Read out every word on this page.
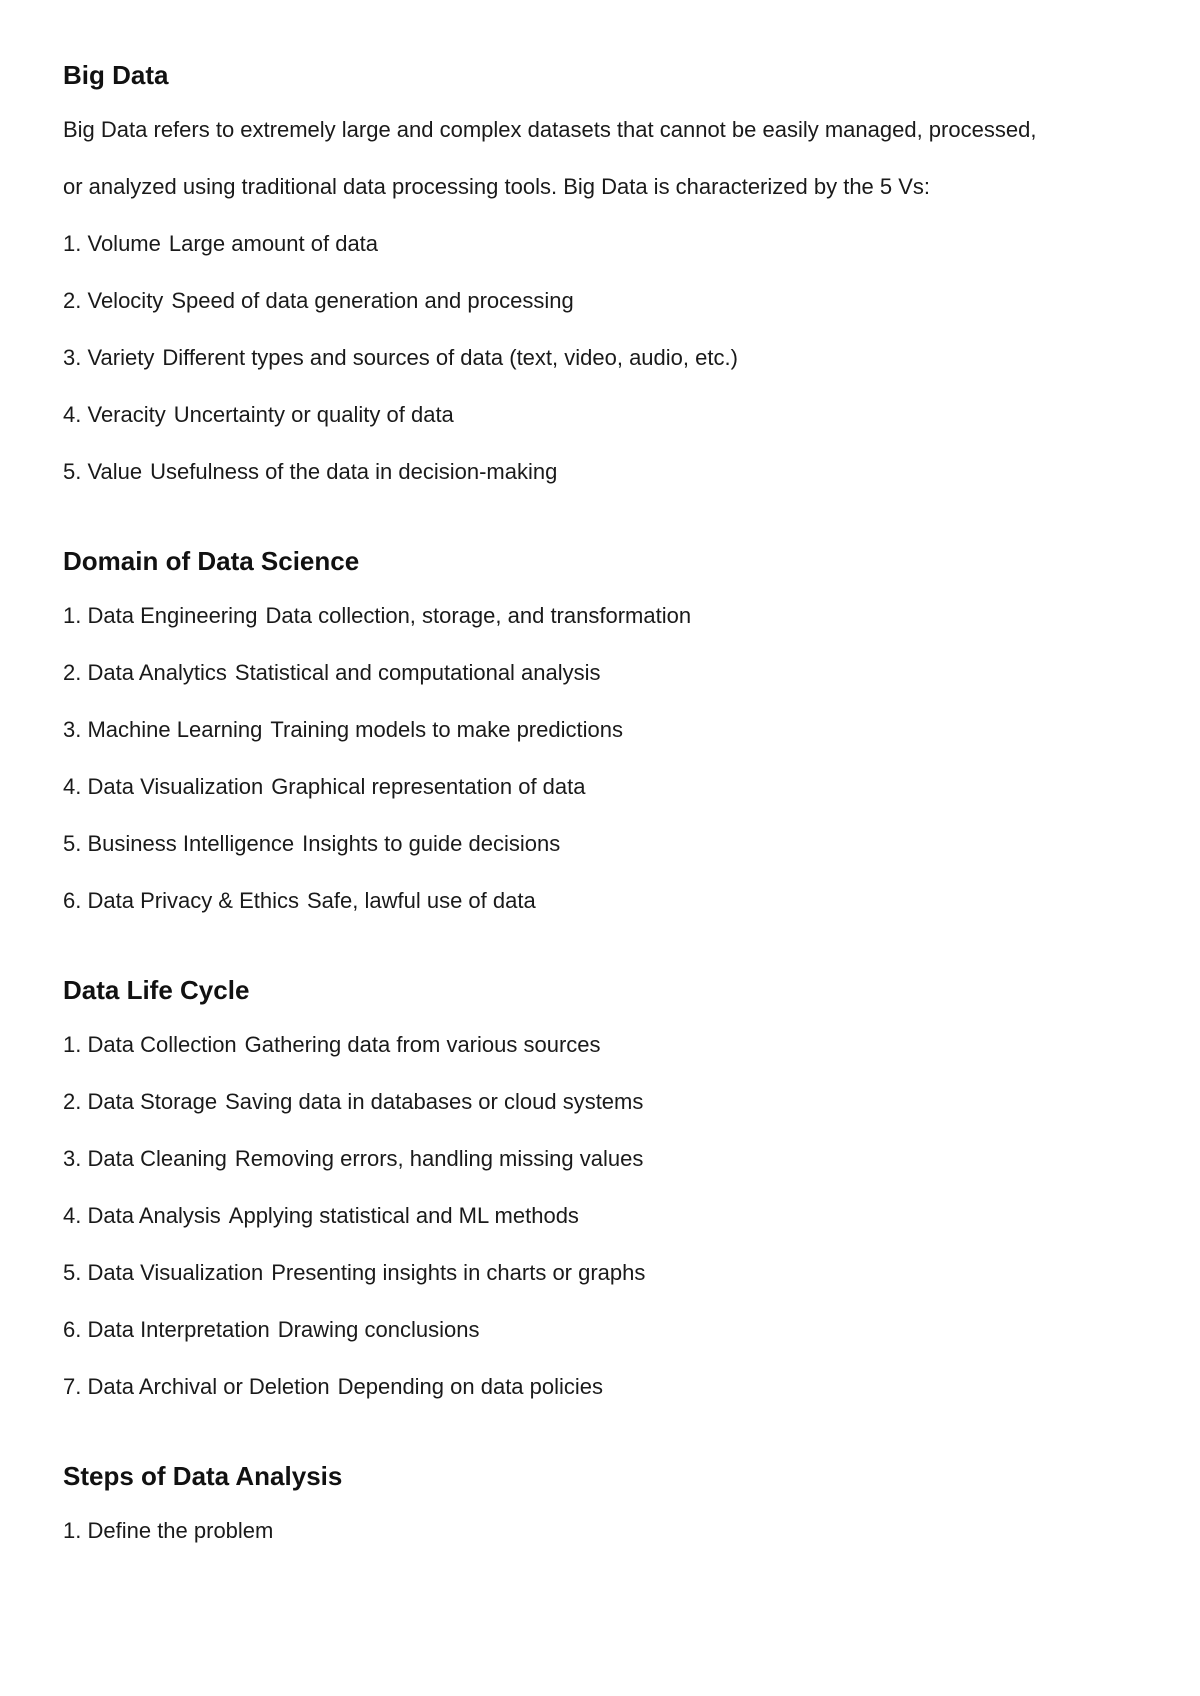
Big Data
Big Data refers to extremely large and complex datasets that cannot be easily managed, processed,
or analyzed using traditional data processing tools. Big Data is characterized by the 5 Vs:
1. Volume Large amount of data
2. Velocity Speed of data generation and processing
3. Variety Different types and sources of data (text, video, audio, etc.)
4. Veracity Uncertainty or quality of data
5. Value Usefulness of the data in decision-making
Domain of Data Science
1. Data Engineering Data collection, storage, and transformation
2. Data Analytics Statistical and computational analysis
3. Machine Learning Training models to make predictions
4. Data Visualization Graphical representation of data
5. Business Intelligence Insights to guide decisions
6. Data Privacy & Ethics Safe, lawful use of data
Data Life Cycle
1. Data Collection Gathering data from various sources
2. Data Storage Saving data in databases or cloud systems
3. Data Cleaning Removing errors, handling missing values
4. Data Analysis Applying statistical and ML methods
5. Data Visualization Presenting insights in charts or graphs
6. Data Interpretation Drawing conclusions
7. Data Archival or Deletion Depending on data policies
Steps of Data Analysis
1. Define the problem
